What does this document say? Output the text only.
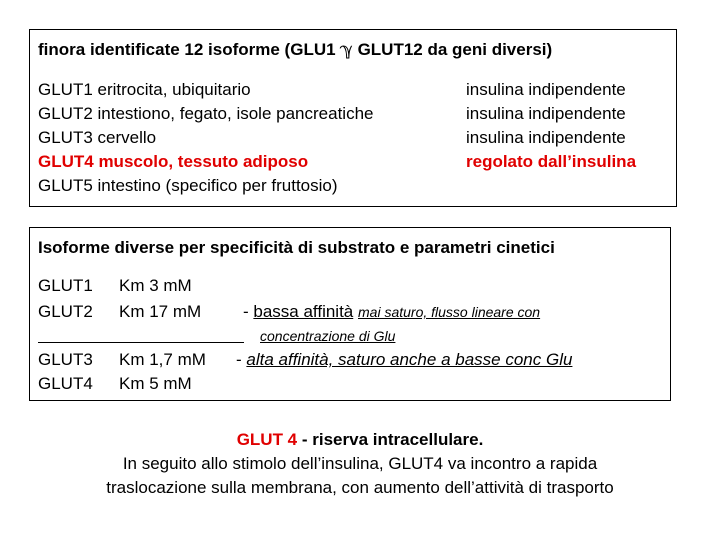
finora identificate 12 isoforme (GLU1 ℽ GLUT12 da geni diversi)
GLUT1 eritrocita, ubiquitario	insulina indipendente
GLUT2 intestiono, fegato, isole pancreatiche	insulina indipendente
GLUT3 cervello	insulina indipendente
GLUT4 muscolo, tessuto adiposo	regolato dall’insulina
GLUT5 intestino (specifico per fruttosio)
Isoforme diverse per specificità di substrato e parametri cinetici
GLUT1 Km 3 mM
GLUT2 Km 17 mM - bassa affinità mai saturo, flusso lineare con
concentrazione di Glu
GLUT3 Km 1,7 mM - alta affinità, saturo anche a basse conc Glu
GLUT4 Km 5 mM
GLUT 4 - riserva intracellulare.
In seguito allo stimolo dell’insulina, GLUT4 va incontro a rapida
traslocazione sulla membrana, con aumento dell’attività di trasporto
